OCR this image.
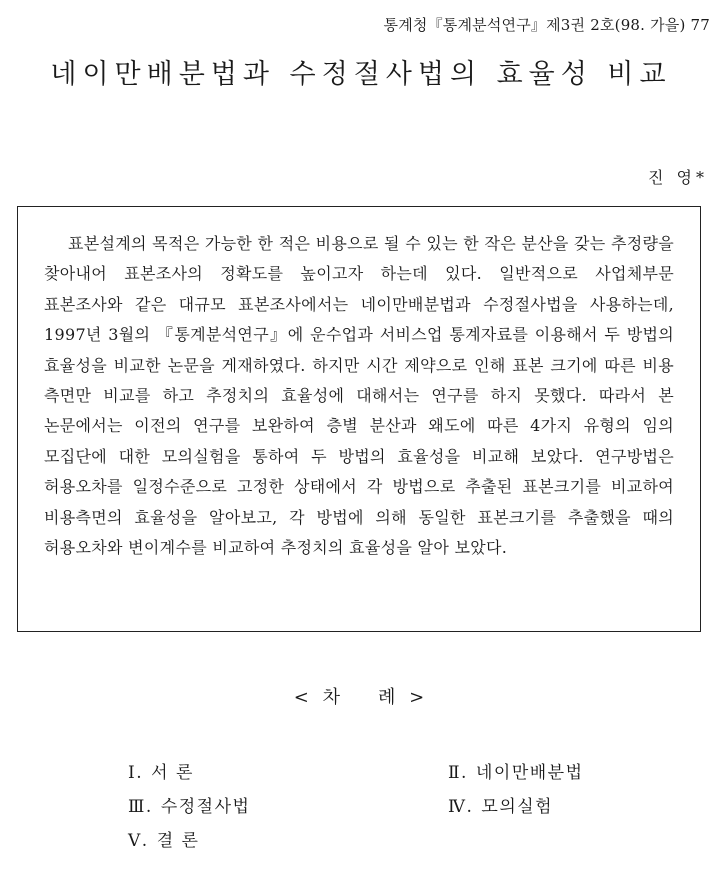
통계청『통계분석연구』제3권 2호(98. 가을) 77
네이만배분법과 수정절사법의 효율성 비교
진 영*

표본설계의 목적은 가능한 한 적은 비용으로 될 수 있는 한 작은 분산을 갖는 추정량을 찾아내어 표본조사의 정확도를 높이고자 하는데 있다. 일반적으로 사업체부문 표본조사와 같은 대규모 표본조사에서는 네이만배분법과 수정절사법을 사용하는데, 1997년 3월의 『통계분석연구』에 운수업과 서비스업 통계자료를 이용해서 두 방법의 효율성을 비교한 논문을 게재하였다. 하지만 시간 제약으로 인해 표본 크기에 따른 비용 측면만 비교를 하고 추정치의 효율성에 대해서는 연구를 하지 못했다. 따라서 본 논문에서는 이전의 연구를 보완하여 층별 분산과 왜도에 따른 4가지 유형의 임의 모집단에 대한 모의실험을 통하여 두 방법의 효율성을 비교해 보았다. 연구방법은 허용오차를 일정수준으로 고정한 상태에서 각 방법으로 추출된 표본크기를 비교하여 비용측면의 효율성을 알아보고, 각 방법에 의해 동일한 표본크기를 추출했을 때의 허용오차와 변이계수를 비교하여 추정치의 효율성을 알아 보았다.

< 차 례 >
Ⅰ. 서 론	Ⅱ. 네이만배분법
Ⅲ. 수정절사법	Ⅳ. 모의실험
Ⅴ. 결 론
